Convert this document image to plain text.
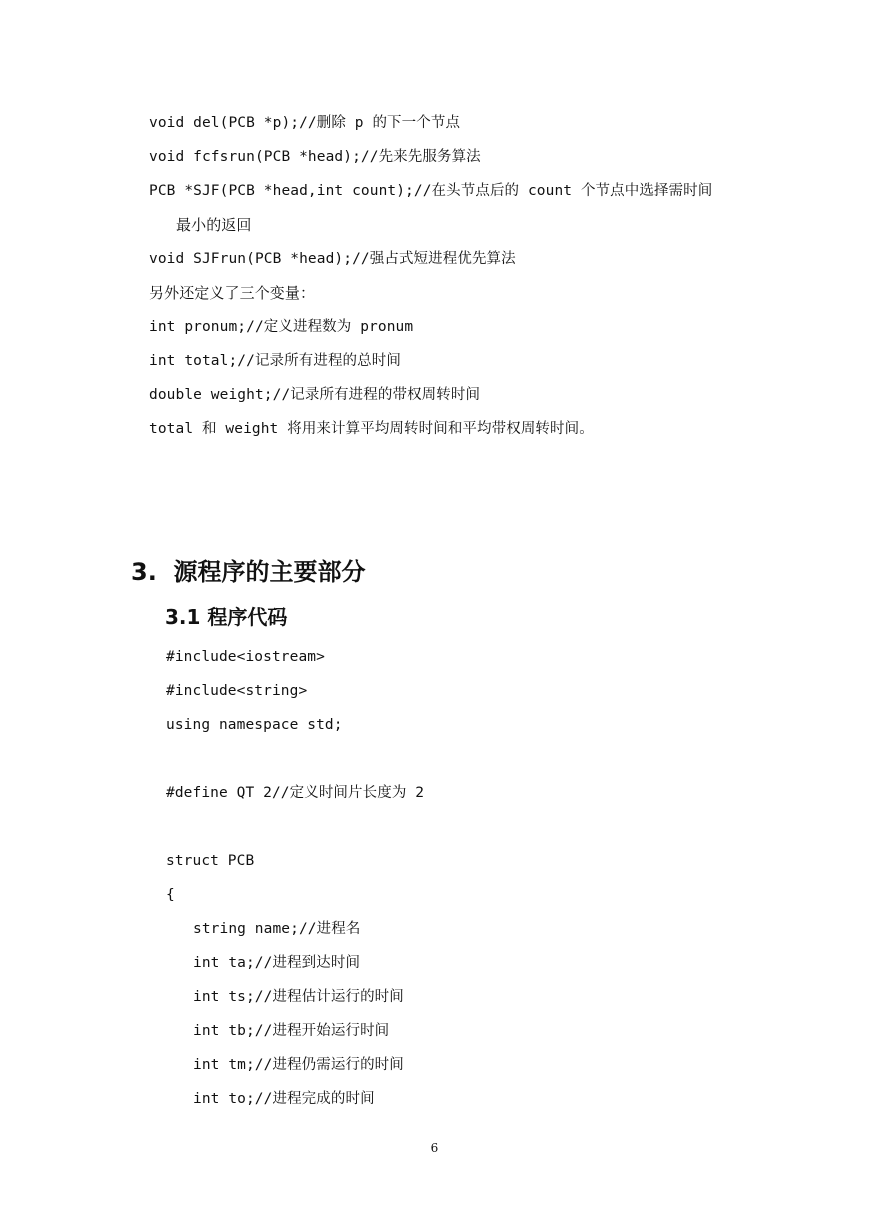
void del(PCB *p);//删除 p 的下一个节点
void fcfsrun(PCB *head);//先来先服务算法
PCB *SJF(PCB *head,int count);//在头节点后的 count 个节点中选择需时间
最小的返回
void SJFrun(PCB *head);//强占式短进程优先算法
另外还定义了三个变量：
int pronum;//定义进程数为 pronum
int total;//记录所有进程的总时间
double weight;//记录所有进程的带权周转时间
total 和 weight 将用来计算平均周转时间和平均带权周转时间。
3.  源程序的主要部分
3.1 程序代码
#include<iostream>
#include<string>
using namespace std;
#define QT 2//定义时间片长度为 2
struct PCB
{
string name;//进程名
int ta;//进程到达时间
int ts;//进程估计运行的时间
int tb;//进程开始运行时间
int tm;//进程仍需运行的时间
int to;//进程完成的时间
6
